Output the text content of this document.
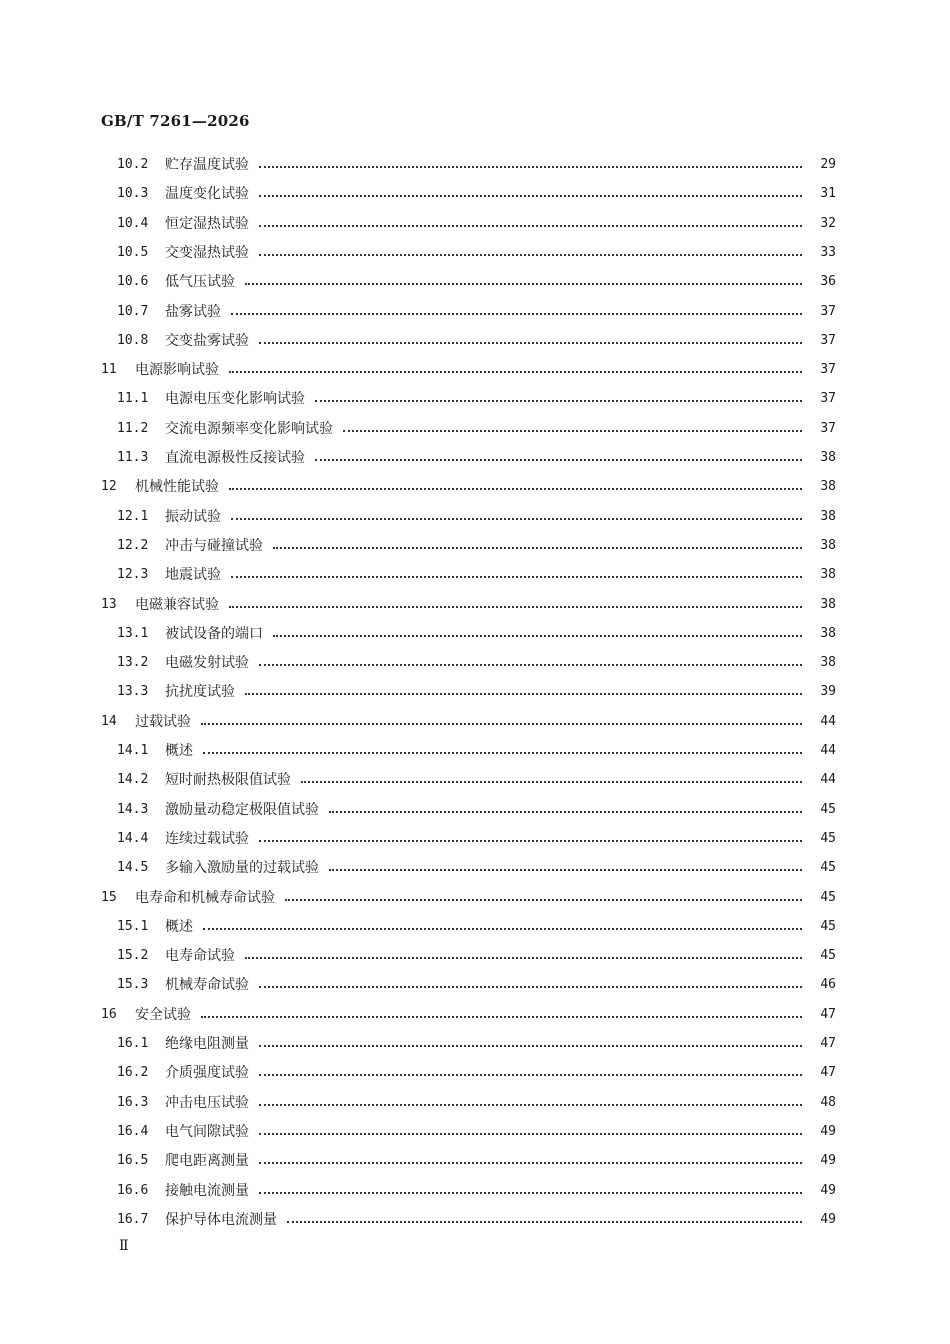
GB/T 7261—2026
10.2	贮存温度试验	29
10.3	温度变化试验	31
10.4	恒定湿热试验	32
10.5	交变湿热试验	33
10.6	低气压试验	36
10.7	盐雾试验	37
10.8	交变盐雾试验	37
11	电源影响试验	37
11.1	电源电压变化影响试验	37
11.2	交流电源频率变化影响试验	37
11.3	直流电源极性反接试验	38
12	机械性能试验	38
12.1	振动试验	38
12.2	冲击与碰撞试验	38
12.3	地震试验	38
13	电磁兼容试验	38
13.1	被试设备的端口	38
13.2	电磁发射试验	38
13.3	抗扰度试验	39
14	过载试验	44
14.1	概述	44
14.2	短时耐热极限值试验	44
14.3	激励量动稳定极限值试验	45
14.4	连续过载试验	45
14.5	多输入激励量的过载试验	45
15	电寿命和机械寿命试验	45
15.1	概述	45
15.2	电寿命试验	45
15.3	机械寿命试验	46
16	安全试验	47
16.1	绝缘电阻测量	47
16.2	介质强度试验	47
16.3	冲击电压试验	48
16.4	电气间隙试验	49
16.5	爬电距离测量	49
16.6	接触电流测量	49
16.7	保护导体电流测量	49
Ⅱ
